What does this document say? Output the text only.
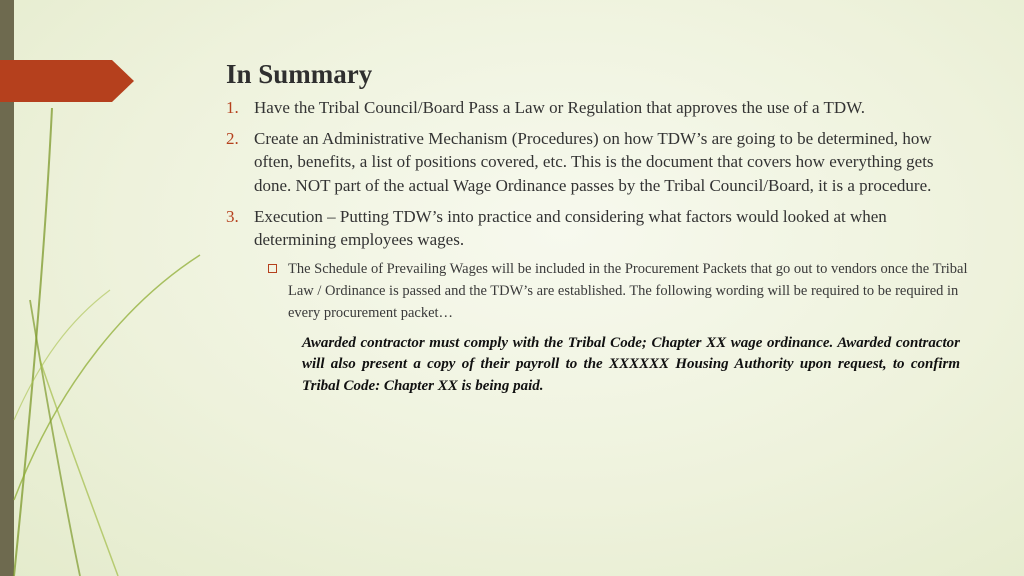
In Summary
1. Have the Tribal Council/Board Pass a Law or Regulation that approves the use of a TDW.
2. Create an Administrative Mechanism (Procedures) on how TDW’s are going to be determined, how often, benefits, a list of positions covered, etc. This is the document that covers how everything gets done. NOT part of the actual Wage Ordinance passes by the Tribal Council/Board, it is a procedure.
3. Execution – Putting TDW’s into practice and considering what factors would looked at when determining employees wages.
The Schedule of Prevailing Wages will be included in the Procurement Packets that go out to vendors once the Tribal Law / Ordinance is passed and the TDW’s are established. The following wording will be required to be required in every procurement packet…
Awarded contractor must comply with the Tribal Code; Chapter XX wage ordinance. Awarded contractor will also present a copy of their payroll to the XXXXXX Housing Authority upon request, to confirm Tribal Code: Chapter XX is being paid.
